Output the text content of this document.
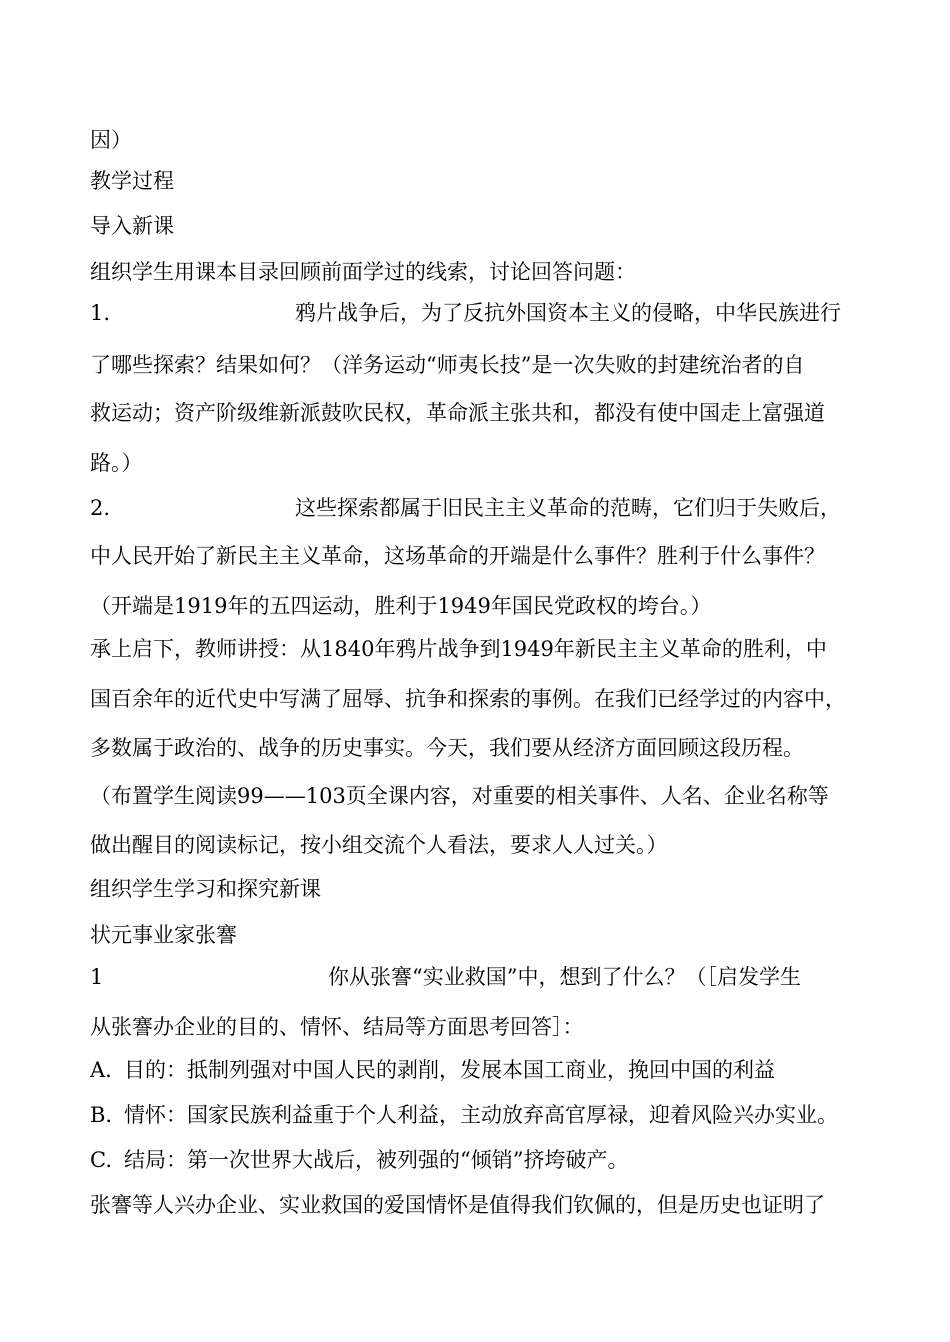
因）
教学过程
导入新课
组织学生用课本目录回顾前面学过的线索，讨论回答问题：
1.	鸦片战争后，为了反抗外国资本主义的侵略，中华民族进行
了哪些探索？结果如何？（洋务运动“师夷长技”是一次失败的封建统治者的自
救运动；资产阶级维新派鼓吹民权，革命派主张共和，都没有使中国走上富强道
路。）
2.	这些探索都属于旧民主主义革命的范畴，它们归于失败后，
中人民开始了新民主主义革命，这场革命的开端是什么事件？胜利于什么事件？
（开端是1919年的五四运动，胜利于1949年国民党政权的垮台。）
承上启下，教师讲授：从1840年鸦片战争到1949年新民主主义革命的胜利，中
国百余年的近代史中写满了屈辱、抗争和探索的事例。在我们已经学过的内容中，
多数属于政治的、战争的历史事实。今天，我们要从经济方面回顾这段历程。
（布置学生阅读99——103页全课内容，对重要的相关事件、人名、企业名称等
做出醒目的阅读标记，按小组交流个人看法，要求人人过关。）
组织学生学习和探究新课
状元事业家张謇
1	你从张謇“实业救国”中，想到了什么？（［启发学生
从张謇办企业的目的、情怀、结局等方面思考回答］：
A. 目的：抵制列强对中国人民的剥削，发展本国工商业，挽回中国的利益
B. 情怀：国家民族利益重于个人利益，主动放弃高官厚禄，迎着风险兴办实业。
C. 结局：第一次世界大战后，被列强的“倾销”挤垮破产。
张謇等人兴办企业、实业救国的爱国情怀是值得我们钦佩的，但是历史也证明了
